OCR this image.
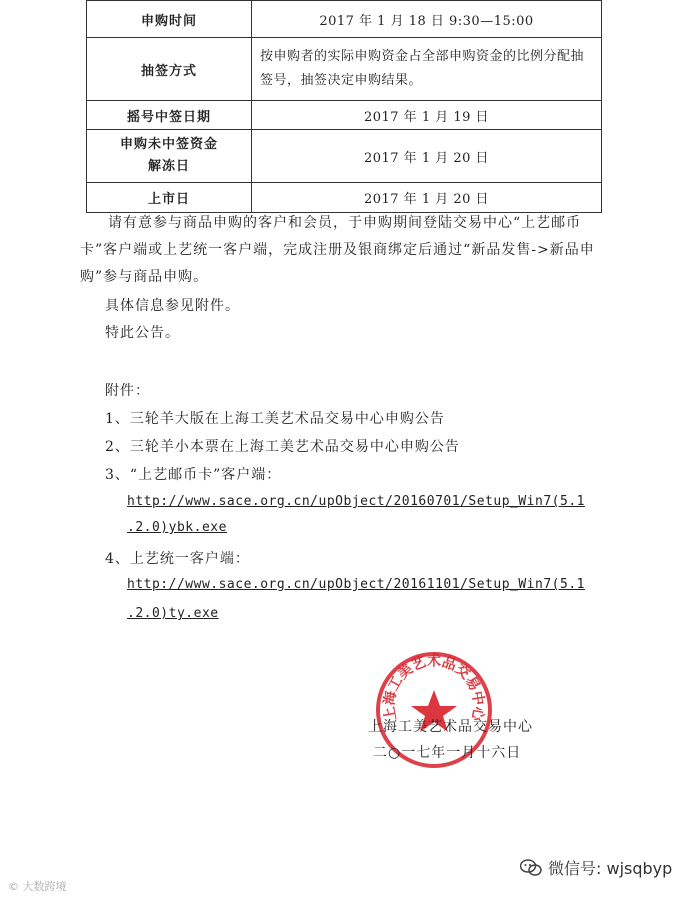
申购时间	2017 年 1 月 18 日 9:30—15:00
抽签方式	按申购者的实际申购资金占全部申购资金的比例分配抽签号，抽签决定申购结果。
摇号中签日期	2017 年 1 月 19 日

申购未中签资金
解冻日	2017 年 1 月 20 日
上市日	2017 年 1 月 20 日
请有意参与商品申购的客户和会员，于申购期间登陆交易中心“上艺邮币卡”客户端或上艺统一客户端，完成注册及银商绑定后通过“新品发售->新品申购”参与商品申购。
具体信息参见附件。
特此公告。
附件：
1、三轮羊大版在上海工美艺术品交易中心申购公告
2、三轮羊小本票在上海工美艺术品交易中心申购公告
3、“上艺邮币卡”客户端：
http://www.sace.org.cn/upObject/20160701/Setup_Win7(5.1
.2.0)ybk.exe
4、上艺统一客户端：
http://www.sace.org.cn/upObject/20161101/Setup_Win7(5.1
.2.0)ty.exe
上海工美艺术品交易中心
上海工美艺术品交易中心
二○一七年一月十六日
微信号: wjsqbyp
© 大数跨境
